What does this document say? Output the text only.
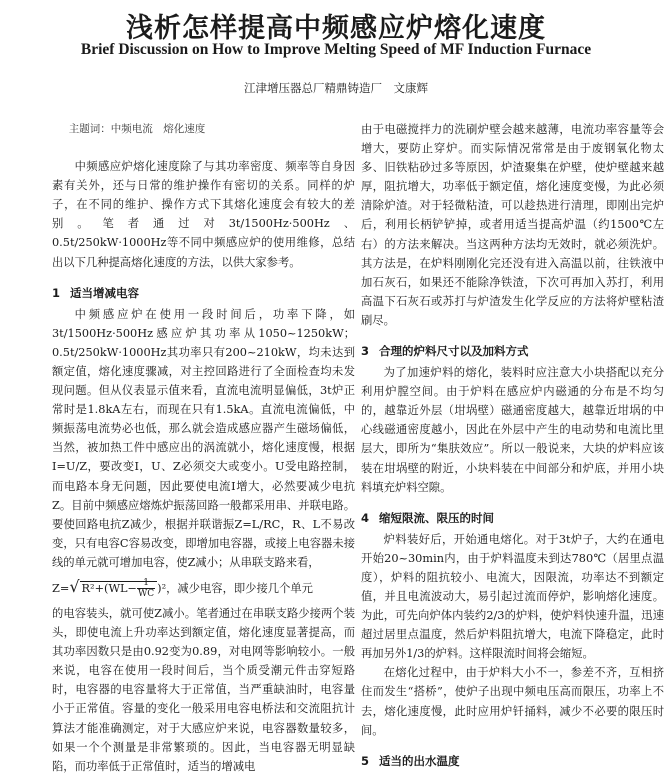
浅析怎样提高中频感应炉熔化速度
Brief Discussion on How to Improve Melting Speed of MF Induction Furnace
江津增压器总厂精鼎铸造厂　文康辉

主题词：中频电流　熔化速度

中频感应炉熔化速度除了与其功率密度、频率等自身因素有关外，还与日常的维护操作有密切的关系。同样的炉子，在不同的维护、操作方式下其熔化速度会有较大的差别。笔者通过对3t/1500Hz·500Hz、0.5t/250kW·1000Hz等不同中频感应炉的使用维修，总结出以下几种提高熔化速度的方法，以供大家参考。

1 适当增减电容

中频感应炉在使用一段时间后，功率下降，如3t/1500Hz·500Hz感应炉其功率从1050~1250kW；0.5t/250kW·1000Hz其功率只有200~210kW，均未达到额定值，熔化速度骤减，对主控回路进行了全面检查均未发现问题。但从仪表显示值来看，直流电流明显偏低，3t炉正常时是1.8kA左右，而现在只有1.5kA。直流电流偏低，中频振荡电流势必也低，那么就会造成感应器产生磁场偏低，当然，被加热工件中感应出的涡流就小，熔化速度慢，根据I=U/Z，要改变I，U、Z必须交大或变小。U受电路控制，而电路本身无问题，因此要使电流I增大，必然要减少电抗Z。目前中频感应熔炼炉振荡回路一般都采用串、并联电路。要使回路电抗Z减少，根据并联谐振Z=L/RC，R、L不易改变，只有电容C容易改变，即增加电容器，或接上电容器未接线的单元就可增加电容，使Z减小；从串联支路来看，

Z=√ $R^2+(WL- \frac{1}{WC} )^2$，减少电容，即少接几个单元

的电容装头，就可使Z减小。笔者通过在串联支路少接两个装头，即使电流上升功率达到额定值，熔化速度显著提高，而其功率因数只是由0.92变为0.89，对电网等影响较小。一般来说，电容在使用一段时间后，当个质受潮元件击穿短路时，电容器的电容量将大于正常值，当严重缺油时，电容量小于正常值。容量的变化一般采用电容电桥法和交流阻抗计算法才能准确测定，对于大感应炉来说，电容器数量较多，如果一个个测量是非常繁琐的。因此，当电容器无明显缺陷，而功率低于正常值时，适当的增减电

由于电磁搅拌力的洗刷炉壁会越来越薄，电流功率容量等会增大，要防止穿炉。而实际情况常常是由于废钢氧化物太多、旧铁粘砂过多等原因，炉渣聚集在炉壁，使炉壁越来越厚，阻抗增大，功率低于额定值，熔化速度变慢，为此必须清除炉渣。对于轻微粘渣，可以趁热进行清理，即刚出完炉后，利用长柄铲铲掉，或者用适当提高炉温（约1500℃左右）的方法来解决。当这两种方法均无效时，就必须洗炉。其方法是，在炉料刚刚化完还没有进入高温以前，往铁液中加石灰石，如果还不能除净铁渣，下次可再加入苏打，利用高温下石灰石或苏打与炉渣发生化学反应的方法将炉壁粘渣刷尽。

3 合理的炉料尺寸以及加料方式

为了加速炉料的熔化，装料时应注意大小块搭配以充分利用炉膛空间。由于炉料在感应炉内磁通的分布是不均匀的，越靠近外层（坩埚壁）磁通密度越大，越靠近坩埚的中心线磁通密度越小，因此在外层中产生的电动势和电流比里层大，即所为“集肤效应”。所以一般说来，大块的炉料应该装在坩埚壁的附近，小块料装在中间部分和炉底，并用小块料填充炉料空隙。

4 缩短限流、限压的时间

炉料装好后，开始通电熔化。对于3t炉子，大约在通电开始20~30min内，由于炉料温度未到达780℃（居里点温度），炉料的阻抗较小、电流大，因限流，功率达不到额定值，并且电流波动大，易引起过流而停炉，影响熔化速度。为此，可先向炉体内装约2/3的炉料，使炉料快速升温，迅速超过居里点温度，然后炉料阻抗增大，电流下降稳定，此时再加另外1/3的炉料。这样限流时间将会缩短。

在熔化过程中，由于炉料大小不一，参差不齐，互相挤住而发生“搭桥”，使炉子出现中频电压高而限压，功率上不去，熔化速度慢，此时应用炉钎捅料，减少不必要的限压时间。

5 适当的出水温度
